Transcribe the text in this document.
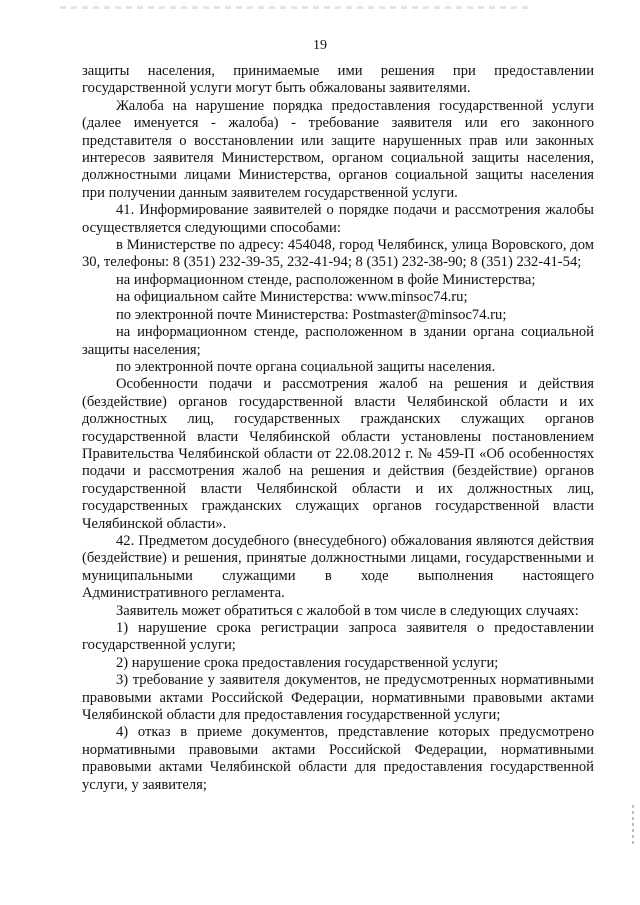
19

защиты населения, принимаемые ими решения при предоставлении государственной услуги могут быть обжалованы заявителями.

Жалоба на нарушение порядка предоставления государственной услуги (далее именуется - жалоба) - требование заявителя или его законного представителя о восстановлении или защите нарушенных прав или законных интересов заявителя Министерством, органом социальной защиты населения, должностными лицами Министерства, органов социальной защиты населения при получении данным заявителем государственной услуги.

41. Информирование заявителей о порядке подачи и рассмотрения жалобы осуществляется следующими способами:

в Министерстве по адресу: 454048, город Челябинск, улица Воровского, дом 30, телефоны: 8 (351) 232-39-35, 232-41-94; 8 (351) 232-38-90; 8 (351) 232-41-54;

на информационном стенде, расположенном в фойе Министерства;

на официальном сайте Министерства: www.minsoc74.ru;

по электронной почте Министерства: Postmaster@minsoc74.ru;

на информационном стенде, расположенном в здании органа социальной защиты населения;

по электронной почте органа социальной защиты населения.

Особенности подачи и рассмотрения жалоб на решения и действия (бездействие) органов государственной власти Челябинской области и их должностных лиц, государственных гражданских служащих органов государственной власти Челябинской области установлены постановлением Правительства Челябинской области от 22.08.2012 г. № 459-П «Об особенностях подачи и рассмотрения жалоб на решения и действия (бездействие) органов государственной власти Челябинской области и их должностных лиц, государственных гражданских служащих органов государственной власти Челябинской области».

42. Предметом досудебного (внесудебного) обжалования являются действия (бездействие) и решения, принятые должностными лицами, государственными и муниципальными служащими в ходе выполнения настоящего Административного регламента.

Заявитель может обратиться с жалобой в том числе в следующих случаях:

1) нарушение срока регистрации запроса заявителя о предоставлении государственной услуги;

2) нарушение срока предоставления государственной услуги;

3) требование у заявителя документов, не предусмотренных нормативными правовыми актами Российской Федерации, нормативными правовыми актами Челябинской области для предоставления государственной услуги;

4) отказ в приеме документов, представление которых предусмотрено нормативными правовыми актами Российской Федерации, нормативными правовыми актами Челябинской области для предоставления государственной услуги, у заявителя;
